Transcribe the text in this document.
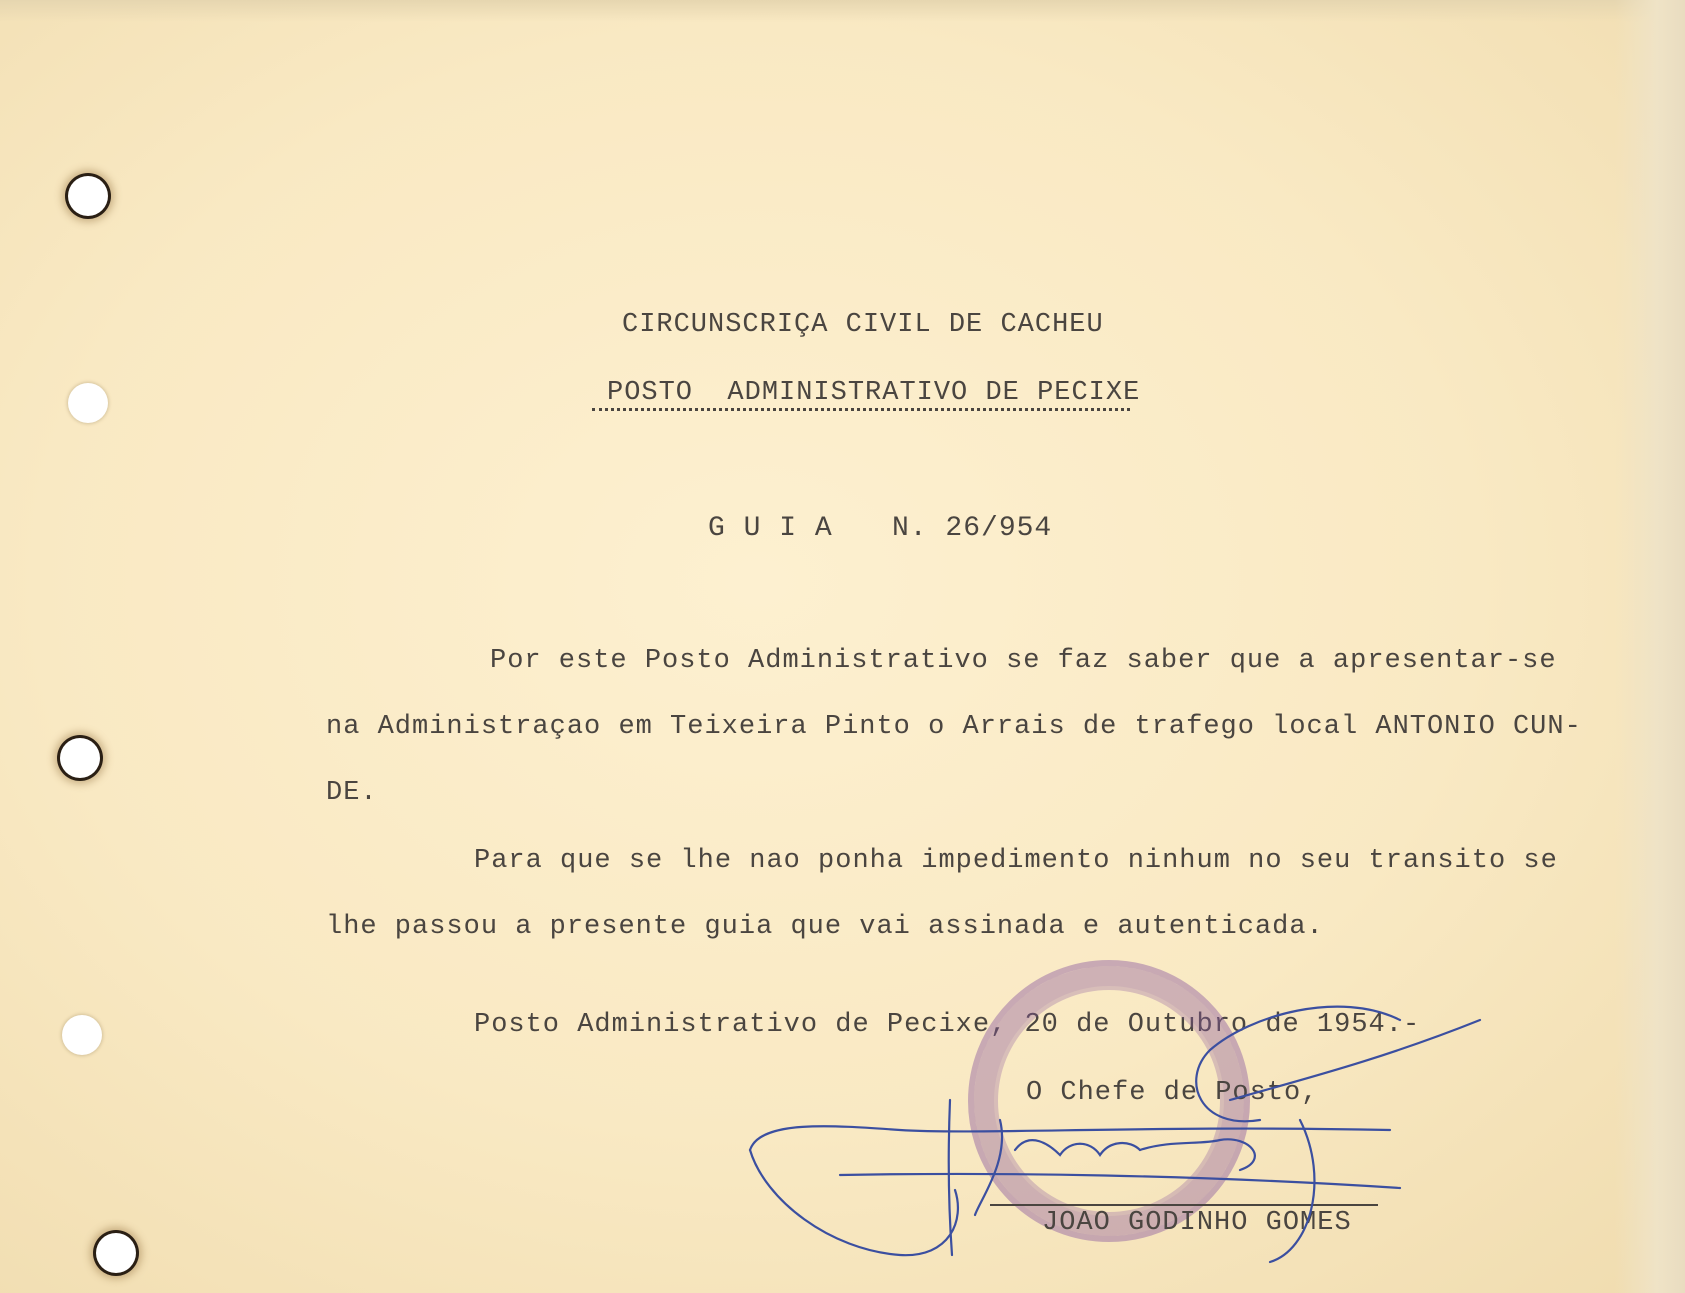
CIRCUNSCRIÇA CIVIL DE CACHEU
POSTO  ADMINISTRATIVO DE PECIXE
G U I A N. 26/954
Por este Posto Administrativo se faz saber que a apresentar-se
na Administraçao em Teixeira Pinto o Arrais de trafego local ANTONIO CUN-
DE.
Para que se lhe nao ponha impedimento ninhum no seu transito se
lhe passou a presente guia que vai assinada e autenticada.
Posto Administrativo de Pecixe, 20 de Outubro de 1954.-
O Chefe de Posto,
JOAO GODINHO GOMES
